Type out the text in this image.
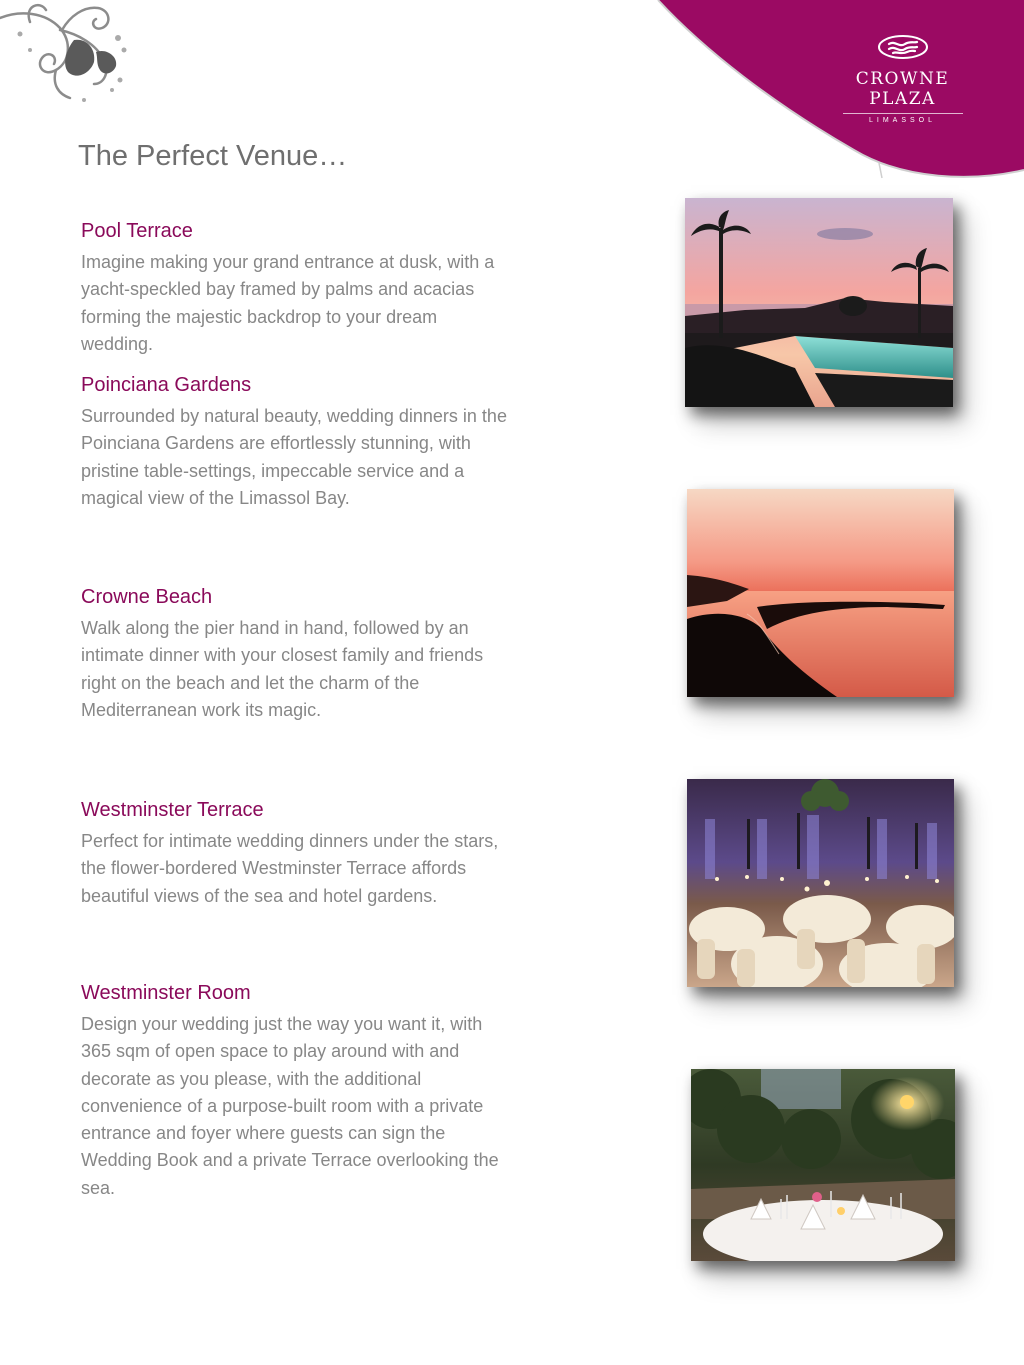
CROWNE PLAZA
LIMASSOL
The Perfect Venue…
Pool Terrace

Imagine making your grand entrance at dusk, with a yacht-speckled bay framed by palms and acacias forming the majestic backdrop to your dream wedding.

Poinciana Gardens

Surrounded by natural beauty, wedding dinners in the Poinciana Gardens are effortlessly stunning, with pristine table-settings, impeccable service and a magical view of the Limassol Bay.

Crowne Beach

Walk along the pier hand in hand, followed by an intimate dinner with your closest family and friends right on the beach and let the charm of the Mediterranean work its magic.

Westminster Terrace

Perfect for intimate wedding dinners under the stars, the flower-bordered Westminster Terrace affords beautiful views of the sea and hotel gardens.

Westminster Room

Design your wedding just the way you want it, with 365 sqm of open space to play around with and decorate as you please, with the additional convenience of a purpose-built room with a private entrance and foyer where guests can sign the Wedding Book and a private Terrace overlooking the sea.
